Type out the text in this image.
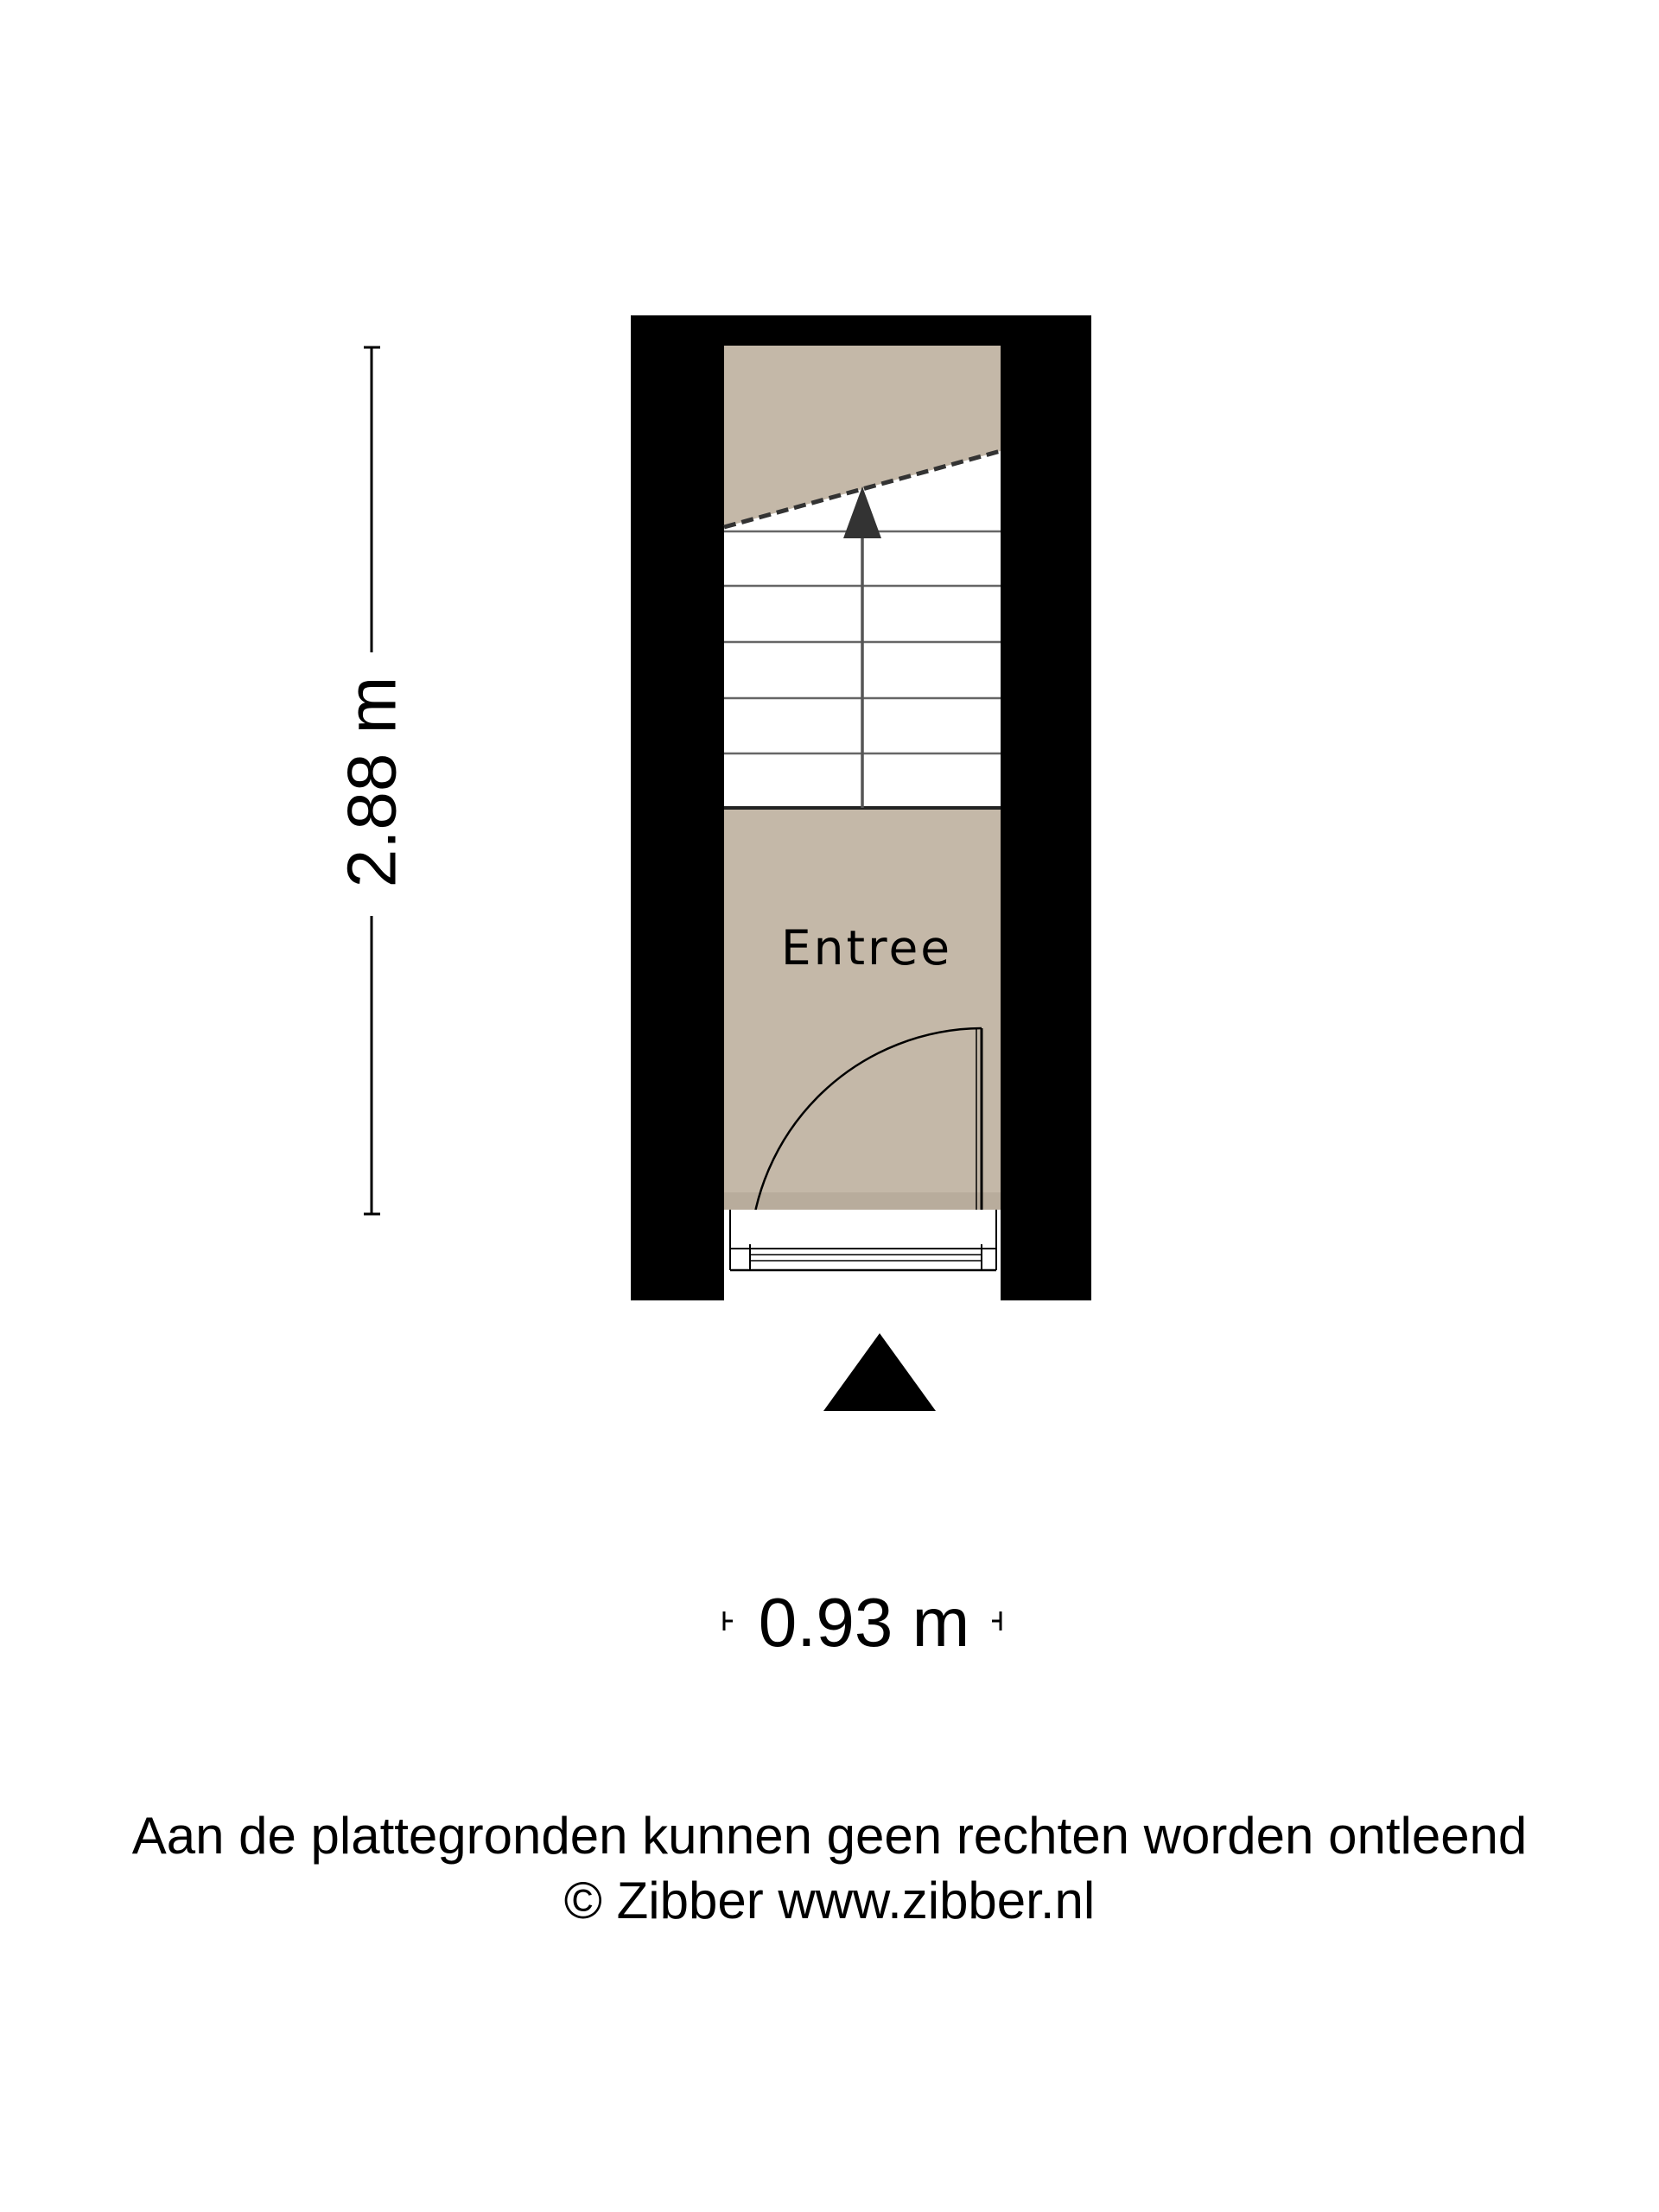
Entree
2.88 m
0.93 m
Aan de plattegronden kunnen geen rechten worden ontleend
© Zibber www.zibber.nl
